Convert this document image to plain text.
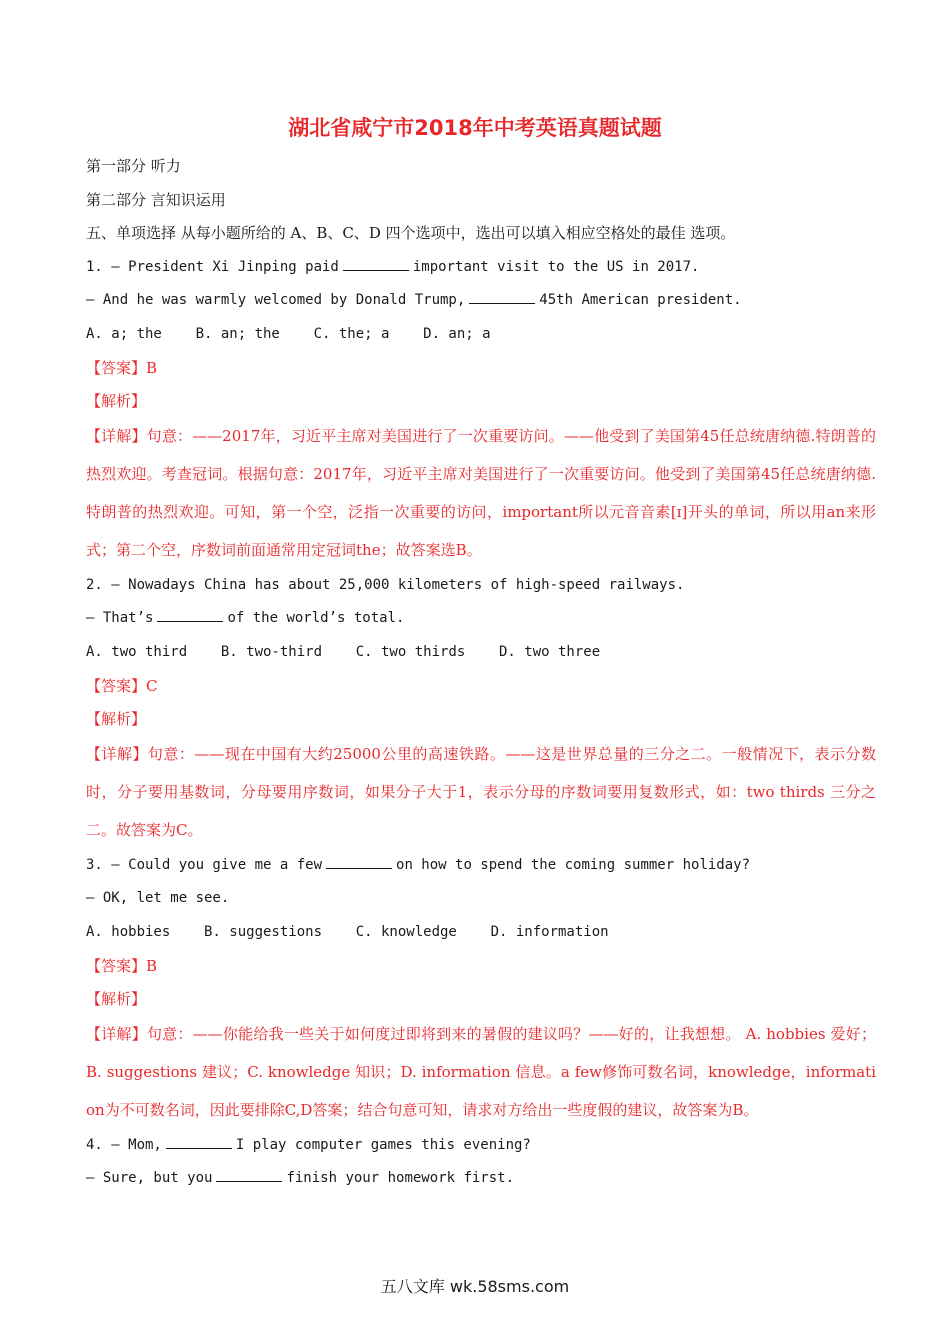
湖北省咸宁市2018年中考英语真题试题
第一部分 听力
第二部分 言知识运用
五、单项选择 从每小题所给的 A、B、C、D 四个选项中，选出可以填入相应空格处的最佳 选项。
1. — President Xi Jinping paid	important visit to the US in 2017.
— And he was warmly welcomed by Donald Trump,	45th American president.
A. a; the    B. an; the    C. the; a    D. an; a
【答案】B
【解析】
【详解】句意：——2017年，习近平主席对美国进行了一次重要访问。——他受到了美国第45任总统唐纳德.特朗普的热烈欢迎。考查冠词。根据句意：2017年，习近平主席对美国进行了一次重要访问。他受到了美国第45任总统唐纳德.特朗普的热烈欢迎。可知，第一个空，泛指一次重要的访问，important所以元音音素[ɪ]开头的单词，所以用an来形式；第二个空，序数词前面通常用定冠词the；故答案选B。
2. — Nowadays China has about 25,000 kilometers of high-speed railways.
— That’s	of the world’s total.
A. two third    B. two-third    C. two thirds    D. two three
【答案】C
【解析】
【详解】句意：——现在中国有大约25000公里的高速铁路。——这是世界总量的三分之二。一般情况下，表示分数时，分子要用基数词，分母要用序数词，如果分子大于1，表示分母的序数词要用复数形式，如：two thirds 三分之二。故答案为C。
3. — Could you give me a few	on how to spend the coming summer holiday?
— OK, let me see.
A. hobbies    B. suggestions    C. knowledge    D. information
【答案】B
【解析】
【详解】句意：——你能给我一些关于如何度过即将到来的暑假的建议吗？——好的，让我想想。 A. hobbies 爱好；B. suggestions 建议；C. knowledge 知识；D. information 信息。a few修饰可数名词，knowledge，information为不可数名词，因此要排除C,D答案；结合句意可知，请求对方给出一些度假的建议，故答案为B。
4. — Mom,	I play computer games this evening?
— Sure, but you	finish your homework first.
五八文库 wk.58sms.com
